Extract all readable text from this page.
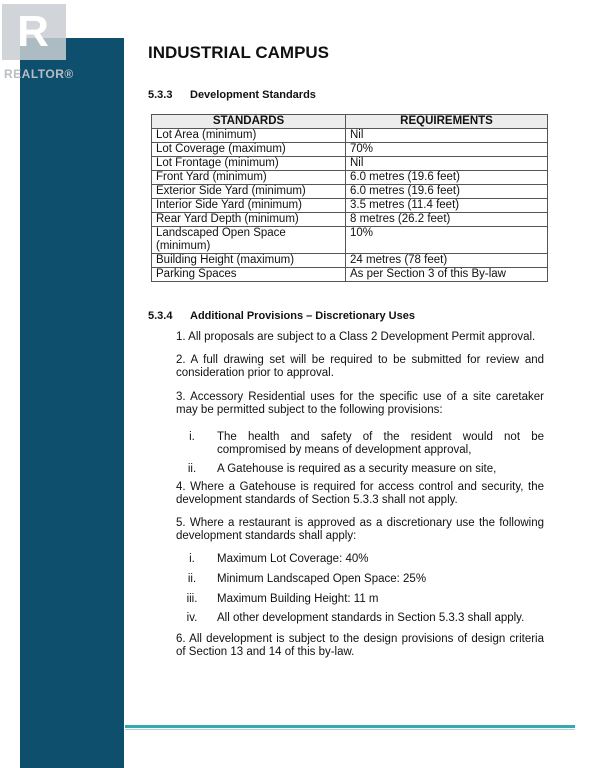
R
REALTOR®
INDUSTRIAL CAMPUS
5.3.3 Development Standards
STANDARDS	REQUIREMENTS
Lot Area (minimum)	Nil
Lot Coverage (maximum)	70%
Lot Frontage (minimum)	Nil
Front Yard (minimum)	6.0 metres (19.6 feet)
Exterior Side Yard (minimum)	6.0 metres (19.6 feet)
Interior Side Yard (minimum)	3.5 metres (11.4 feet)
Rear Yard Depth (minimum)	8 metres (26.2 feet)
Landscaped Open Space (minimum)	10%
Building Height (maximum)	24 metres (78 feet)
Parking Spaces	As per Section 3 of this By-law
5.3.4 Additional Provisions – Discretionary Uses
1. All proposals are subject to a Class 2 Development Permit approval.
2. A full drawing set will be required to be submitted for review and consideration prior to approval.
3. Accessory Residential uses for the specific use of a site caretaker may be permitted subject to the following provisions:
i.	The health and safety of the resident would not be compromised by means of development approval,
ii.	A Gatehouse is required as a security measure on site,
4. Where a Gatehouse is required for access control and security, the development standards of Section 5.3.3 shall not apply.
5. Where a restaurant is approved as a discretionary use the following development standards shall apply:
i.	Maximum Lot Coverage: 40%
ii.	Minimum Landscaped Open Space: 25%
iii.	Maximum Building Height: 11 m
iv.	All other development standards in Section 5.3.3 shall apply.
6. All development is subject to the design provisions of design criteria of Section 13 and 14 of this by-law.
